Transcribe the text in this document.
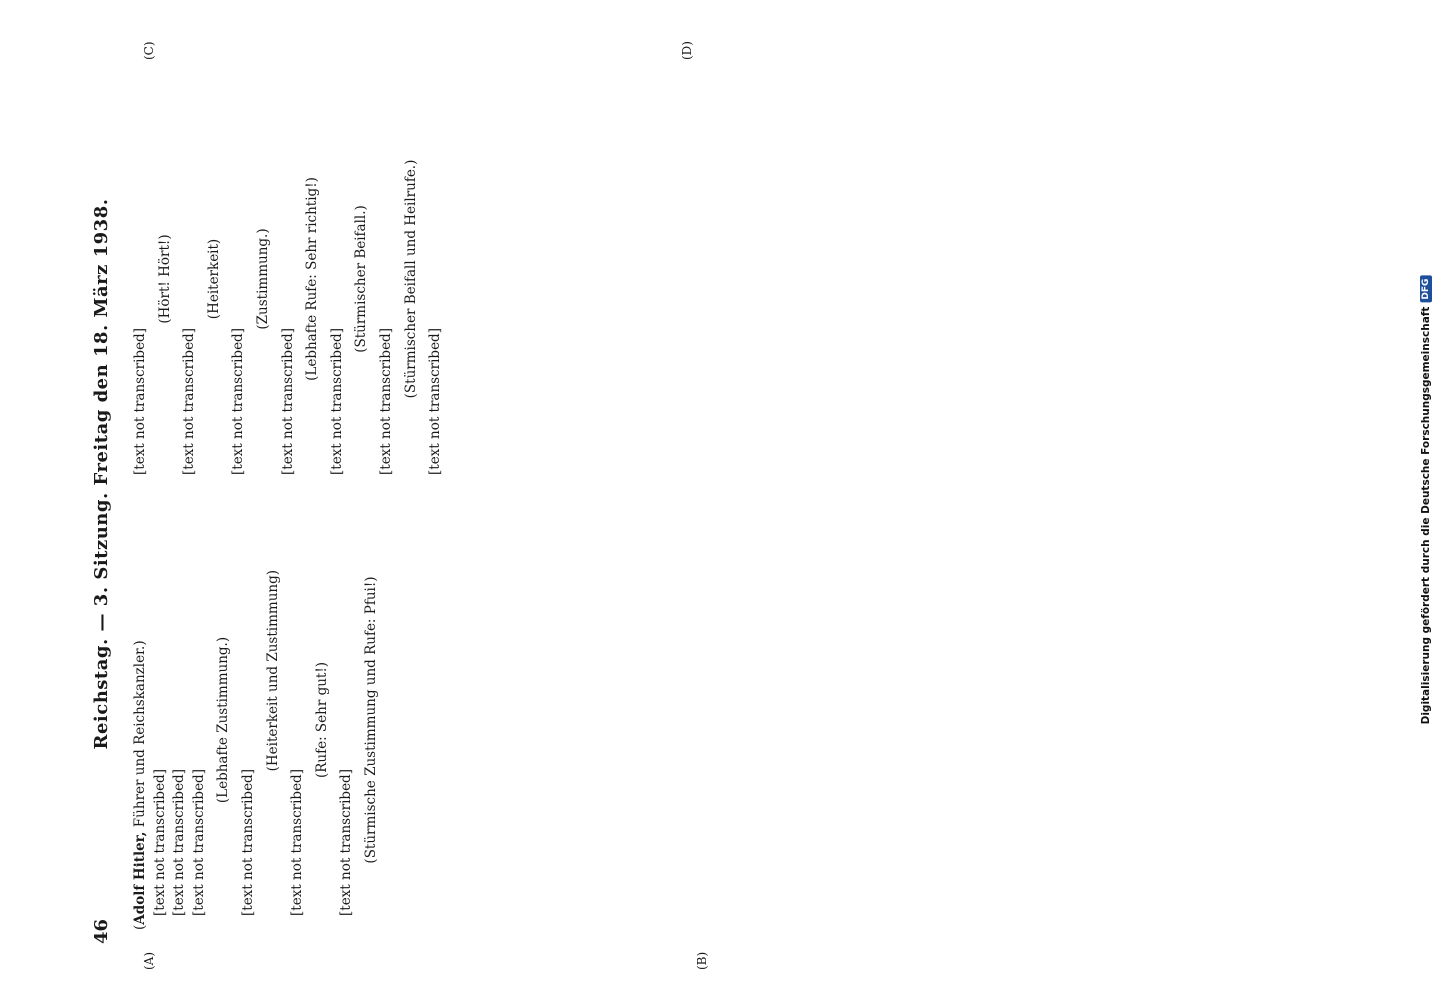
46
Reichstag. — 3. Sitzung. Freitag den 18. März 1938.
(A)	(B)
(C)	(D)

(Adolf Hitler, Führer und Reichskanzler.)

[text not transcribed] [text not transcribed] [text not transcribed]

(Lebhafte Zustimmung.)

[text not transcribed]

(Heiterkeit und Zustimmung)

[text not transcribed]

(Rufe: Sehr gut!)

[text not transcribed] (Stürmische Zustimmung und Rufe: Pfui!)

[text not transcribed]

(Hört! Hört!)

[text not transcribed]

(Heiterkeit)

[text not transcribed]

(Zustimmung.)

[text not transcribed]

(Lebhafte Rufe: Sehr richtig!)

[text not transcribed]

(Stürmischer Beifall.)

[text not transcribed]

(Stürmischer Beifall und Heilrufe.)

[text not transcribed]	Digitalisierung gefördert durch die Deutsche Forschungsgemeinschaft
DFG
